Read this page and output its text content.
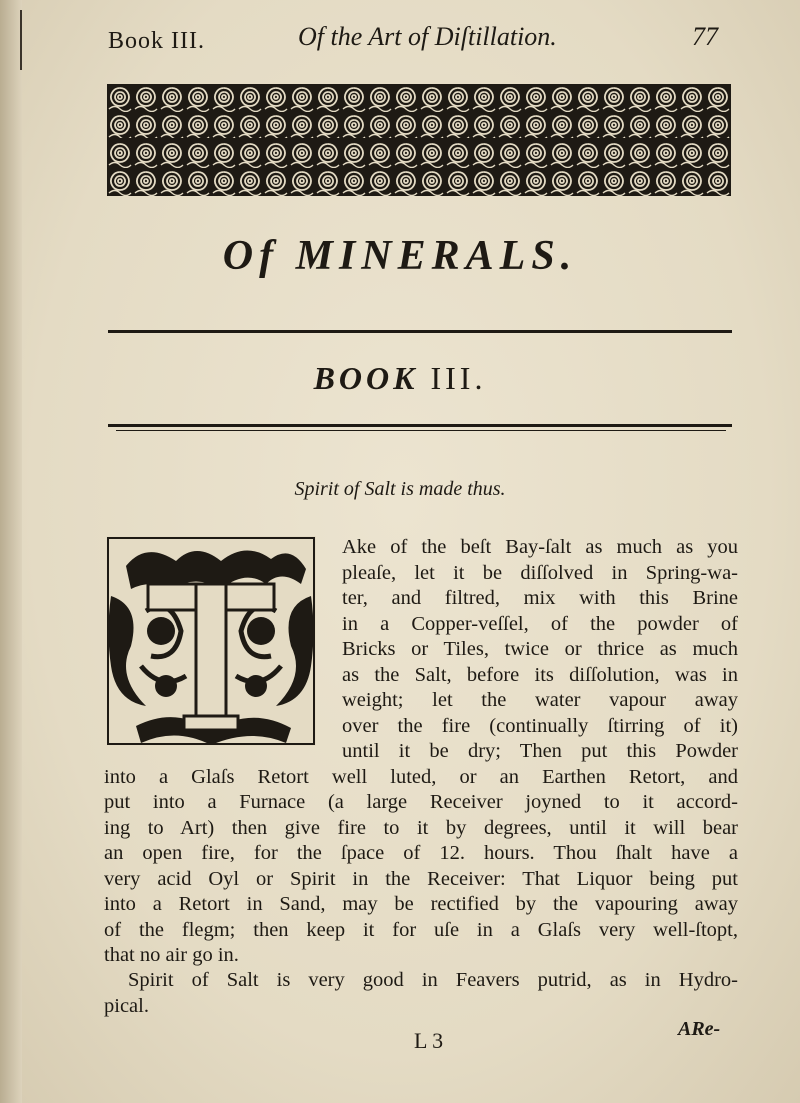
Book III.	Of the Art of Diſtillation.	77
Of MINERALS.
BOOK III.
Spirit of Salt is made thus.
Ake of the beſt Bay-ſalt as much as you
pleaſe, let it be diſſolved in Spring-wa-
ter, and filtred, mix with this Brine
in a Copper-veſſel, of the powder of
Bricks or Tiles, twice or thrice as much
as the Salt, before its diſſolution, was in
weight; let the water vapour away
over the fire (continually ſtirring of it)
until it be dry; Then put this Powder
into a Glaſs Retort well luted, or an Earthen Retort, and
put into a Furnace (a large Receiver joyned to it accord-
ing to Art) then give fire to it by degrees, until it will bear
an open fire, for the ſpace of 12. hours. Thou ſhalt have a
very acid Oyl or Spirit in the Receiver: That Liquor being put
into a Retort in Sand, may be rectified by the vapouring away
of the flegm; then keep it for uſe in a Glaſs very well-ſtopt,
that no air go in.
Spirit of Salt is very good in Feavers putrid, as in Hydro-
pical.
L 3	ARe-
